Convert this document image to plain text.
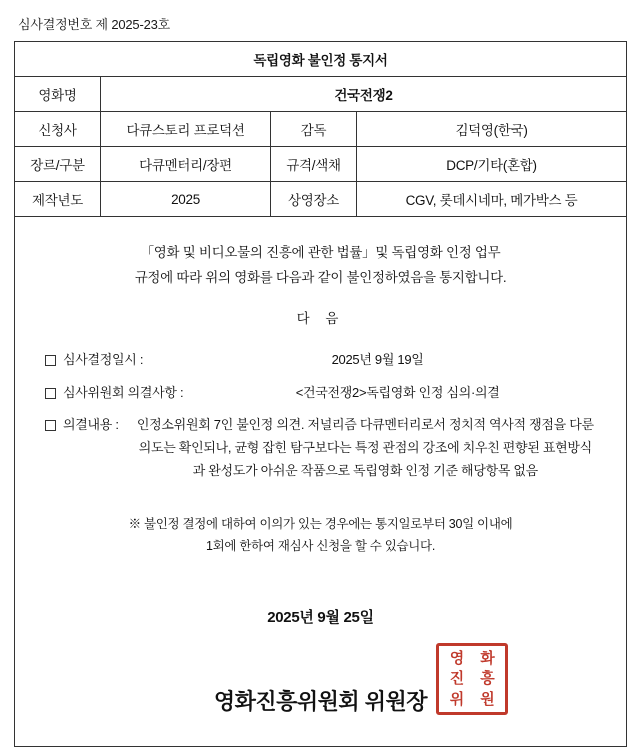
심사결정번호 제 2025-23호
독립영화 불인정 통지서			
영화명	건국전쟁2		
신청사	다큐스토리 프로덕션	감독	김덕영(한국)
장르/구분	다큐멘터리/장편	규격/색채	DCP/기타(혼합)
제작년도	2025	상영장소	CGV, 롯데시네마, 메가박스 등

「영화 및 비디오물의 진흥에 관한 법률」및 독립영화 인정 업무
규정에 따라 위의 영화를 다음과 같이 불인정하였음을 통지합니다.
다 음
심사결정일시 :	2025년 9월 19일
심사위원회 의결사항 :	<건국전쟁2>독립영화 인정 심의·의결
의결내용 :	인정소위원회 7인 불인정 의견. 저널리즘 다큐멘터리로서 정치적 역사적 쟁점을 다룬 의도는 확인되나, 균형 잡힌 탐구보다는 특정 관점의 강조에 치우친 편향된 표현방식과 완성도가 아쉬운 작품으로 독립영화 인정 기준 해당항목 없음
※ 불인정 결정에 대하여 이의가 있는 경우에는 통지일로부터 30일 이내에
1회에 한하여 재심사 신청을 할 수 있습니다.
2025년 9월 25일
영화진흥위원회 위원장
영	화
진	흥
위	원
